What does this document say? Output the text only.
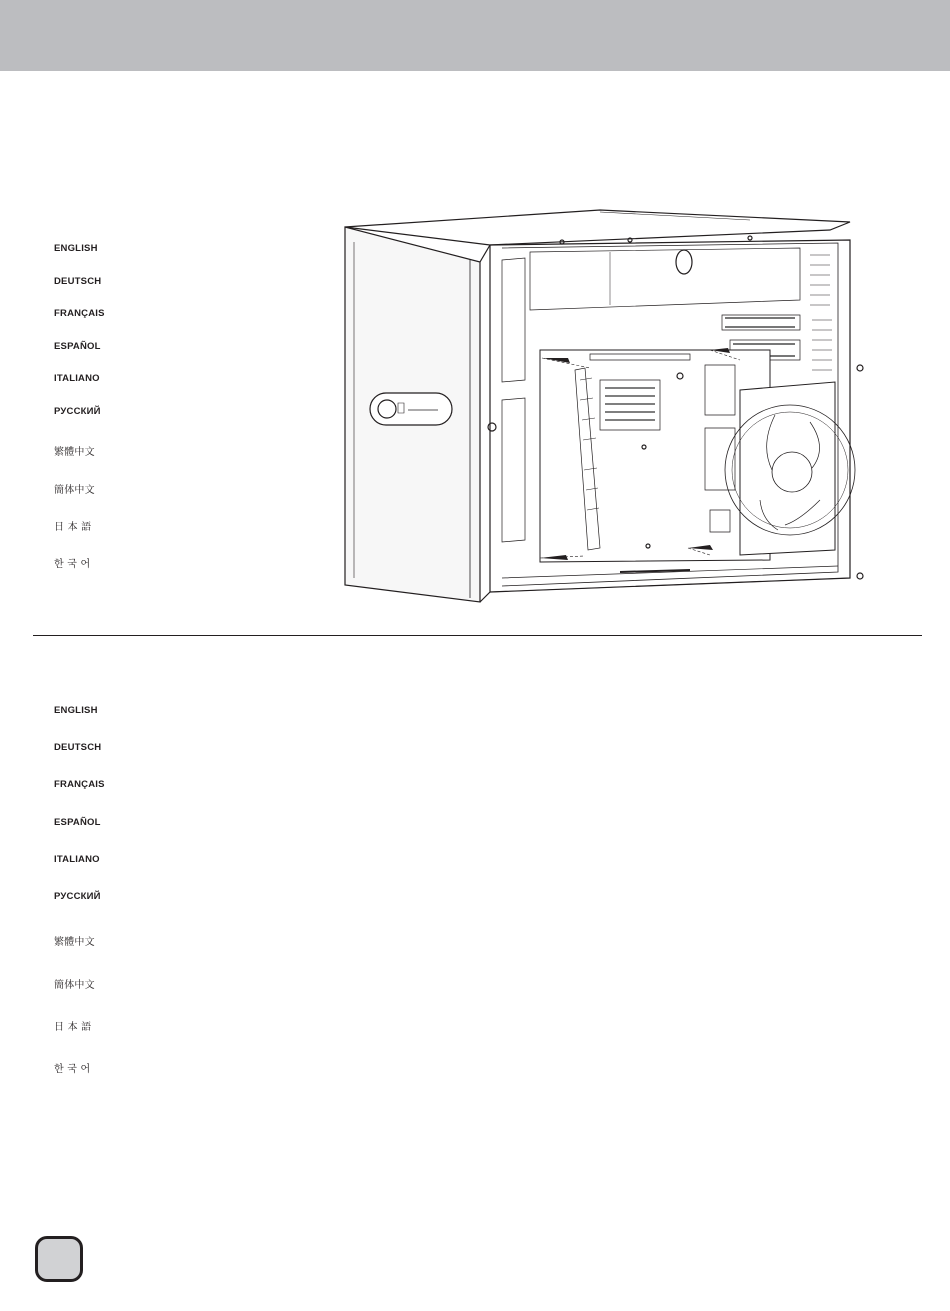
ENGLISH
DEUTSCH
FRANÇAIS
ESPAÑOL
ITALIANO
РУССКИЙ
繁體中文
簡体中文
日 本 語
한 국 어
ENGLISH
DEUTSCH
FRANÇAIS
ESPAÑOL
ITALIANO
РУССКИЙ
繁體中文
簡体中文
日 本 語
한 국 어
